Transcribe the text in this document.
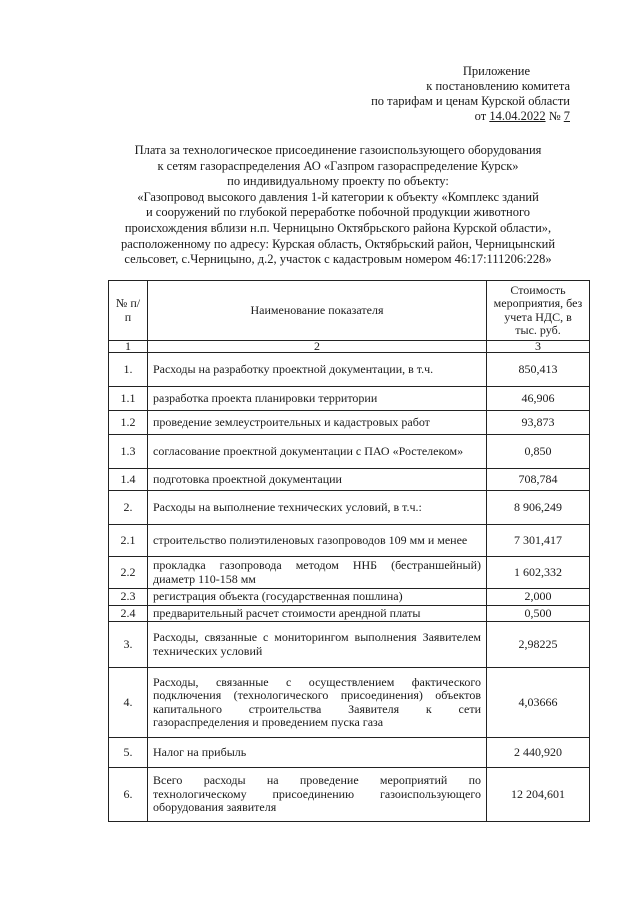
Приложение
к постановлению комитета
по тарифам и ценам Курской области
от 14.04.2022 № 7
Плата за технологическое присоединение газоиспользующего оборудования
к сетям газораспределения АО «Газпром газораспределение Курск»
по индивидуальному проекту по объекту:
«Газопровод высокого давления 1-й категории к объекту «Комплекс зданий
и сооружений по глубокой переработке побочной продукции животного
происхождения вблизи н.п. Черницыно Октябрьского района Курской области»,
расположенному по адресу: Курская область, Октябрьский район, Черницынский
сельсовет, с.Черницыно, д.2, участок с кадастровым номером 46:17:111206:228»
№ п/п	Наименование показателя	Стоимость мероприятия, без учета НДС, в тыс. руб.
1	2	3
1.	Расходы на разработку проектной документации, в т.ч.	850,413
1.1	разработка проекта планировки территории	46,906
1.2	проведение землеустроительных и кадастровых работ	93,873
1.3	согласование проектной документации с ПАО «Ростелеком»	0,850
1.4	подготовка проектной документации	708,784
2.	Расходы на выполнение технических условий, в т.ч.:	8 906,249
2.1	строительство полиэтиленовых газопроводов 109 мм и менее	7 301,417
2.2	прокладка газопровода методом ННБ (бестраншейный) диаметр 110-158 мм	1 602,332
2.3	регистрация объекта (государственная пошлина)	2,000
2.4	предварительный расчет стоимости арендной платы	0,500
3.	Расходы, связанные с мониторингом выполнения Заявителем технических условий	2,98225
4.	Расходы, связанные с осуществлением фактического подключения (технологического присоединения) объектов капитального строительства Заявителя к сети газораспределения и проведением пуска газа	4,03666
5.	Налог на прибыль	2 440,920
6.	Всего расходы на проведение мероприятий по технологическому присоединению газоиспользующего оборудования заявителя	12 204,601
